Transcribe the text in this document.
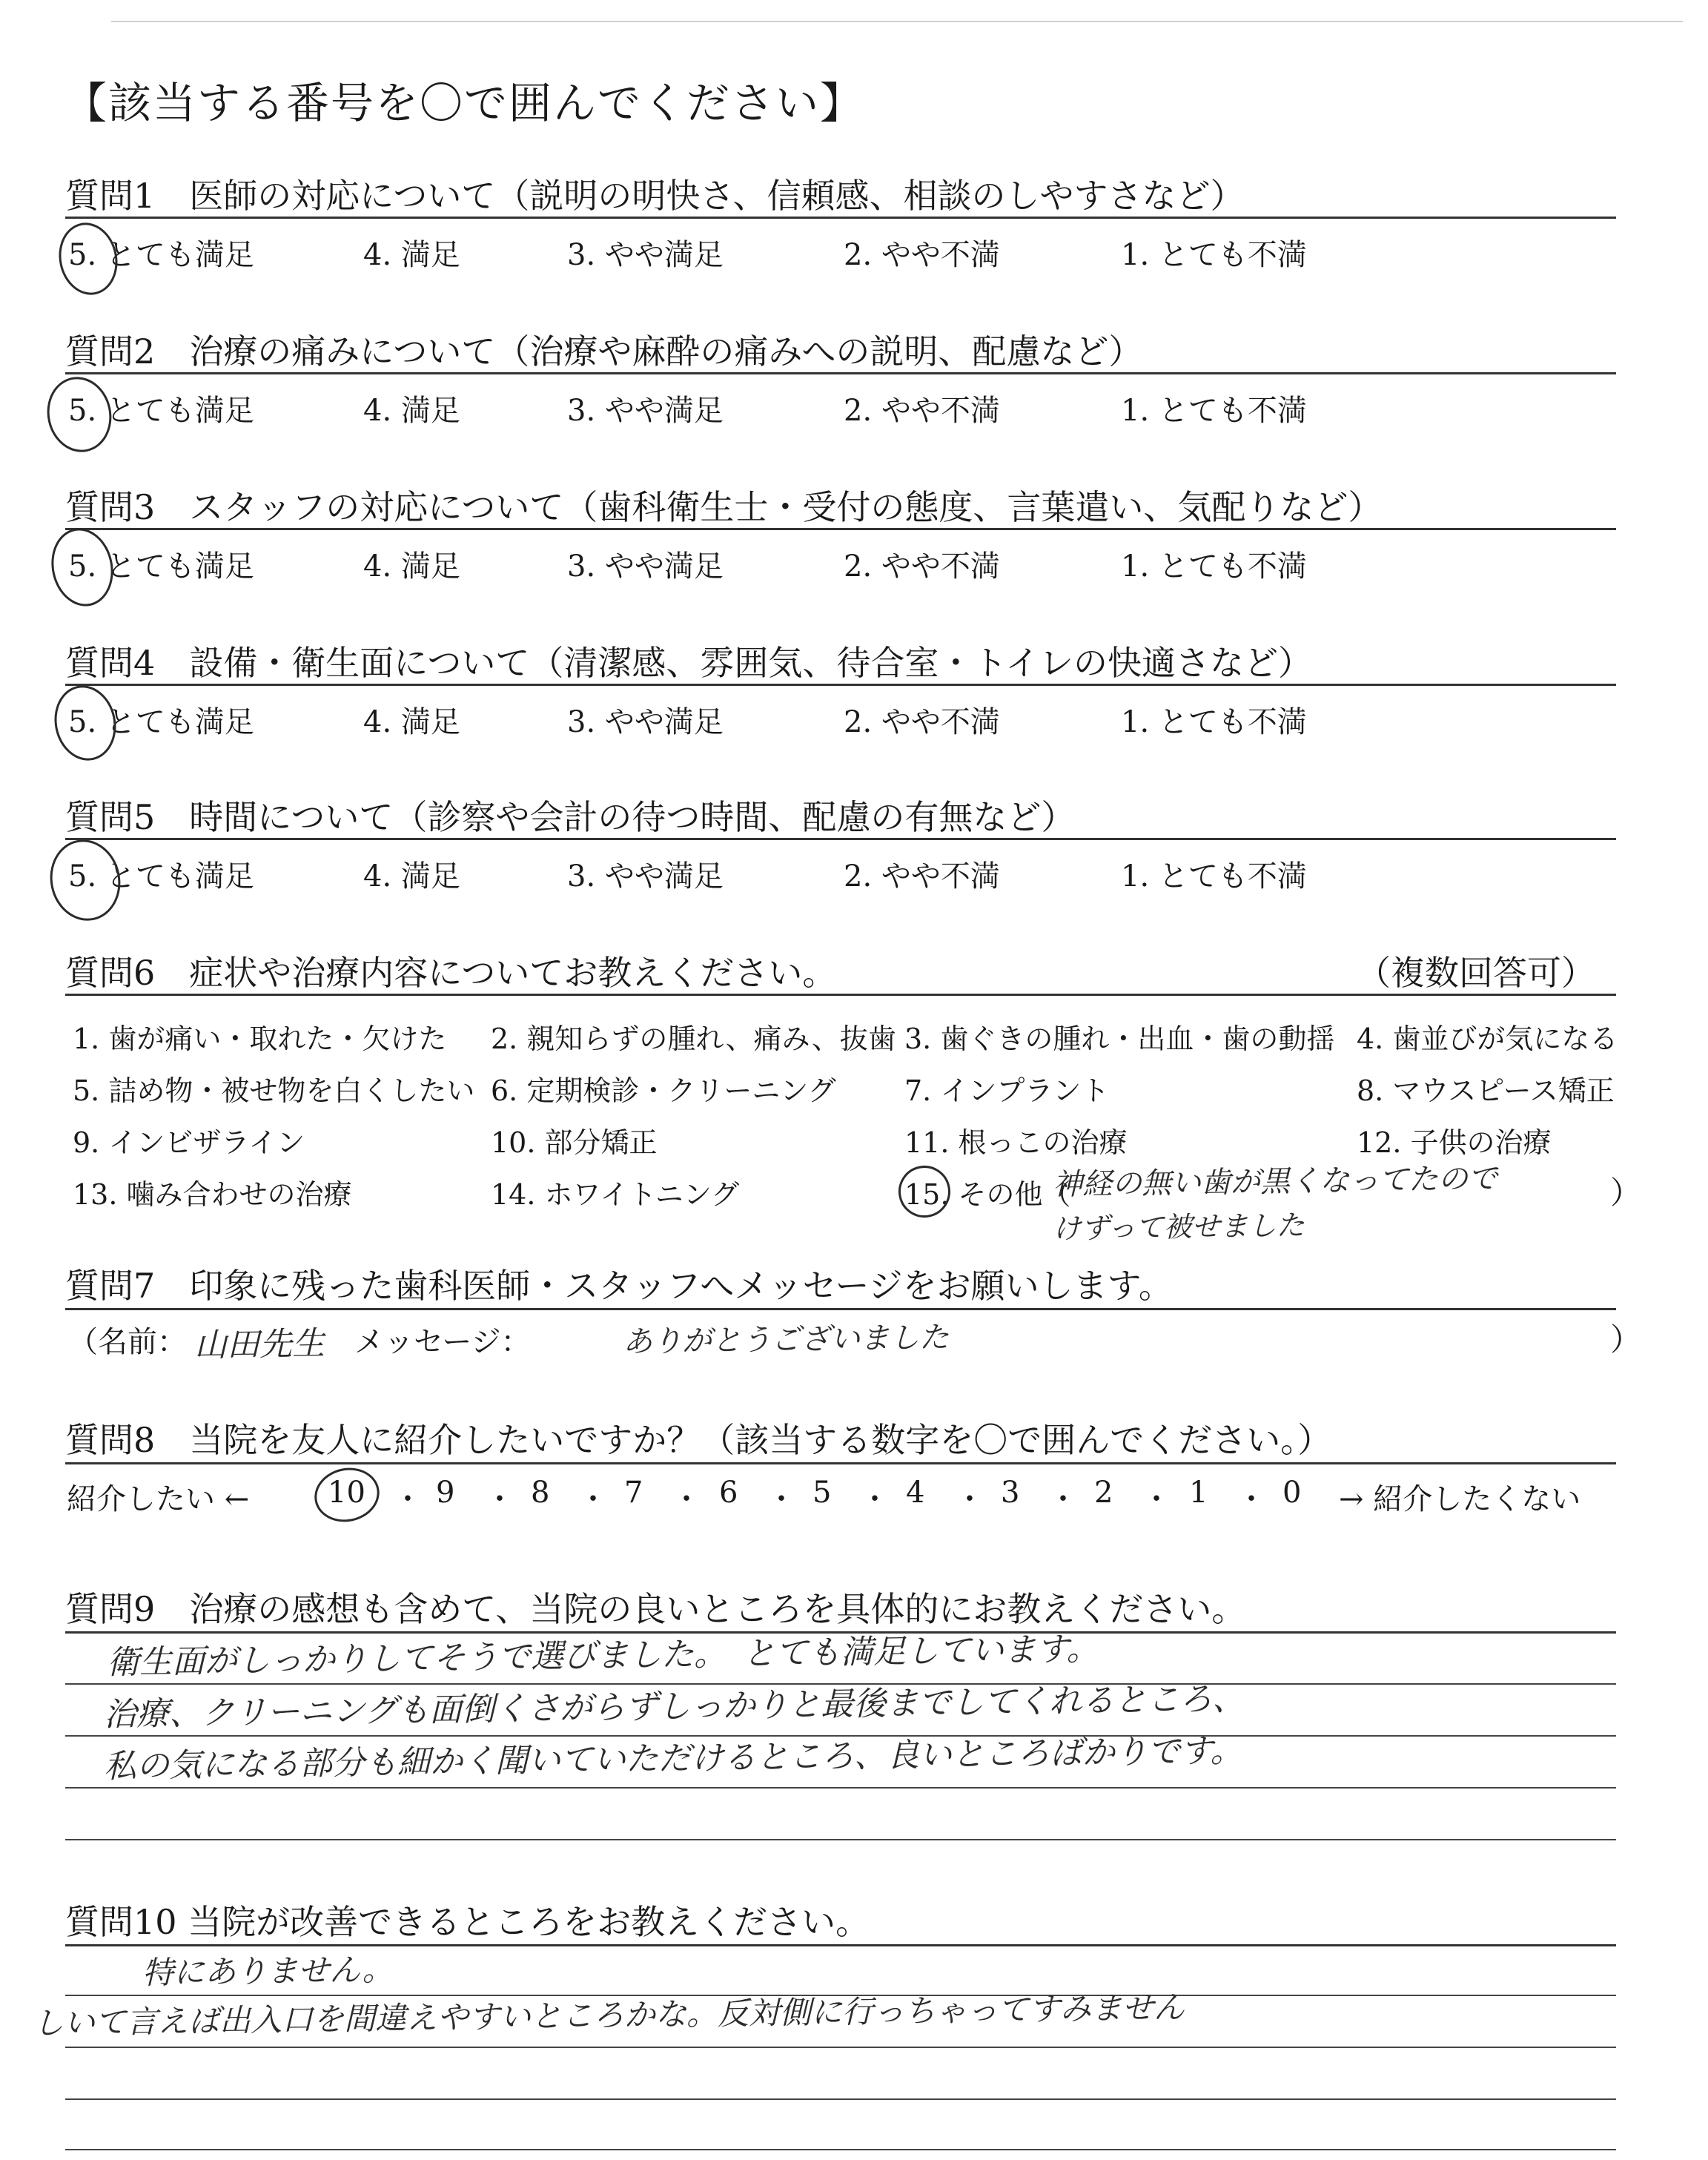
【該当する番号を〇で囲んでください】
質問1　医師の対応について（説明の明快さ、信頼感、相談のしやすさなど）
5. とても満足	4. 満足	3. やや満足	2. やや不満	1. とても不満
質問2　治療の痛みについて（治療や麻酔の痛みへの説明、配慮など）
5. とても満足	4. 満足	3. やや満足	2. やや不満	1. とても不満
質問3　スタッフの対応について（歯科衛生士・受付の態度、言葉遣い、気配りなど）
5. とても満足	4. 満足	3. やや満足	2. やや不満	1. とても不満
質問4　設備・衛生面について（清潔感、雰囲気、待合室・トイレの快適さなど）
5. とても満足	4. 満足	3. やや満足	2. やや不満	1. とても不満
質問5　時間について（診察や会計の待つ時間、配慮の有無など）
5. とても満足	4. 満足	3. やや満足	2. やや不満	1. とても不満
質問6　症状や治療内容についてお教えください。	（複数回答可）
1. 歯が痛い・取れた・欠けた 2. 親知らずの腫れ、痛み、抜歯 3. 歯ぐきの腫れ・出血・歯の動揺 4. 歯並びが気になる
5. 詰め物・被せ物を白くしたい 6. 定期検診・クリーニング 7. インプラント	8. マウスピース矯正
9. インビザライン	10. 部分矯正	11. 根っこの治療	12. 子供の治療
13. 噛み合わせの治療	14. ホワイトニング	15. その他（	）
神経の無い歯が黒くなってたので
けずって被せました
質問7　印象に残った歯科医師・スタッフへメッセージをお願いします。
（名前： 山田先生 メッセージ：	ありがとうございました	）
質問8　当院を友人に紹介したいですか？（該当する数字を〇で囲んでください。）
紹介したい ←	10 ・ 9 ・ 8 ・ 7 ・ 6 ・ 5 ・ 4 ・ 3 ・ 2 ・ 1 ・ 0 → 紹介したくない
質問9　治療の感想も含めて、当院の良いところを具体的にお教えください。
衛生面がしっかりしてそうで選びました。　とても満足しています。
治療、クリーニングも面倒くさがらずしっかりと最後までしてくれるところ、
私の気になる部分も細かく聞いていただけるところ、良いところばかりです。
質問10 当院が改善できるところをお教えください。
特にありません。
しいて言えば出入口を間違えやすいところかな。反対側に行っちゃってすみません
